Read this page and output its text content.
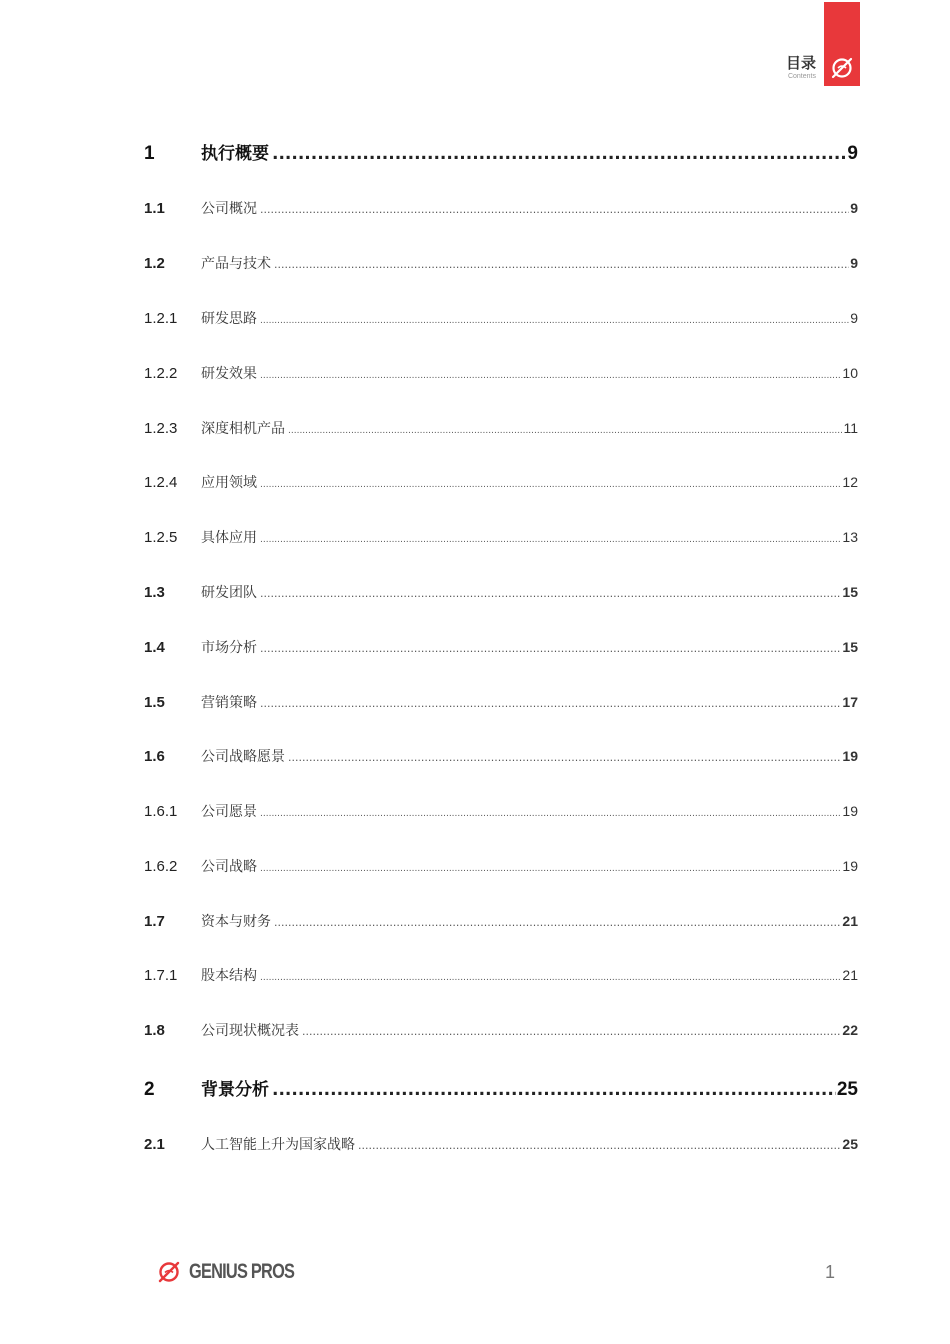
目录
Contents
1	执行概要 .....	9
1.1	公司概况 .....	9
1.2	产品与技术 .....	9
1.2.1	研发思路 .....	9
1.2.2	研发效果 .....	10
1.2.3	深度相机产品 .....	11
1.2.4	应用领域 .....	12
1.2.5	具体应用 .....	13
1.3	研发团队 .....	15
1.4	市场分析 .....	15
1.5	营销策略 .....	17
1.6	公司战略愿景 .....	19
1.6.1	公司愿景 .....	19
1.6.2	公司战略 .....	19
1.7	资本与财务 .....	21
1.7.1	股本结构 .....	21
1.8	公司现状概况表 .....	22
2	背景分析 .....	25
2.1	人工智能上升为国家战略 .....	25
GENIUS PROS	1
